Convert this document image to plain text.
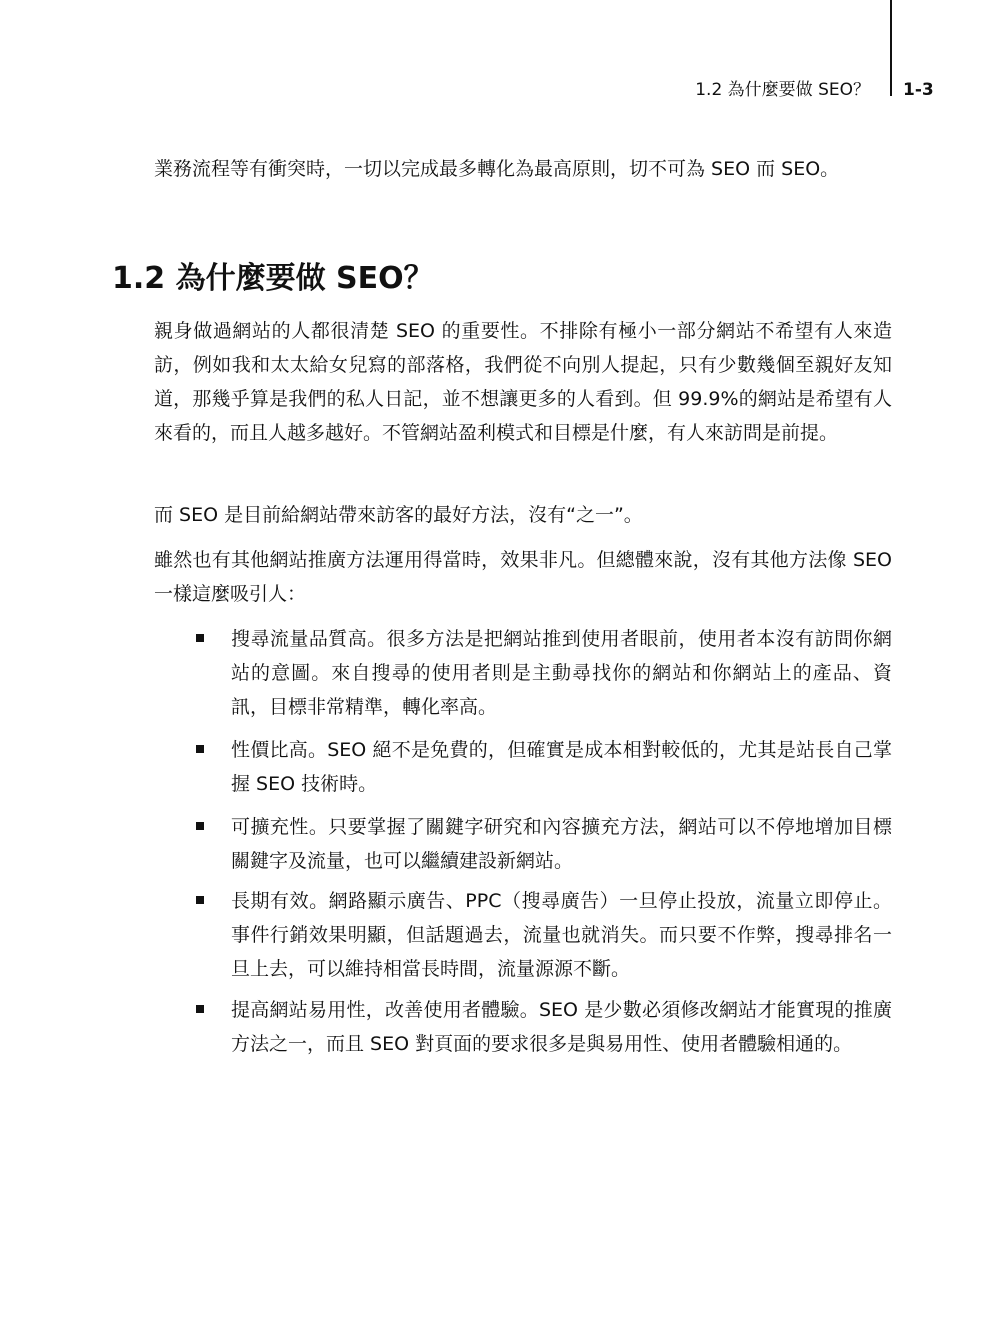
1.2 為什麼要做 SEO？ 1-3

業務流程等有衝突時，一切以完成最多轉化為最高原則，切不可為 SEO 而 SEO。

1.2 為什麼要做 SEO？

親身做過網站的人都很清楚 SEO 的重要性。不排除有極小一部分網站不希望有人來造訪，例如我和太太給女兒寫的部落格，我們從不向別人提起，只有少數幾個至親好友知道，那幾乎算是我們的私人日記，並不想讓更多的人看到。但 99.9%的網站是希望有人來看的，而且人越多越好。不管網站盈利模式和目標是什麼，有人來訪問是前提。

而 SEO 是目前給網站帶來訪客的最好方法，沒有“之一”。

雖然也有其他網站推廣方法運用得當時，效果非凡。但總體來說，沒有其他方法像 SEO 一樣這麼吸引人：

搜尋流量品質高。很多方法是把網站推到使用者眼前，使用者本沒有訪問你網站的意圖。來自搜尋的使用者則是主動尋找你的網站和你網站上的產品、資訊，目標非常精準，轉化率高。

性價比高。SEO 絕不是免費的，但確實是成本相對較低的，尤其是站長自己掌握 SEO 技術時。

可擴充性。只要掌握了關鍵字研究和內容擴充方法，網站可以不停地增加目標關鍵字及流量，也可以繼續建設新網站。

長期有效。網路顯示廣告、PPC（搜尋廣告）一旦停止投放，流量立即停止。事件行銷效果明顯，但話題過去，流量也就消失。而只要不作弊，搜尋排名一旦上去，可以維持相當長時間，流量源源不斷。

提高網站易用性，改善使用者體驗。SEO 是少數必須修改網站才能實現的推廣方法之一，而且 SEO 對頁面的要求很多是與易用性、使用者體驗相通的。
